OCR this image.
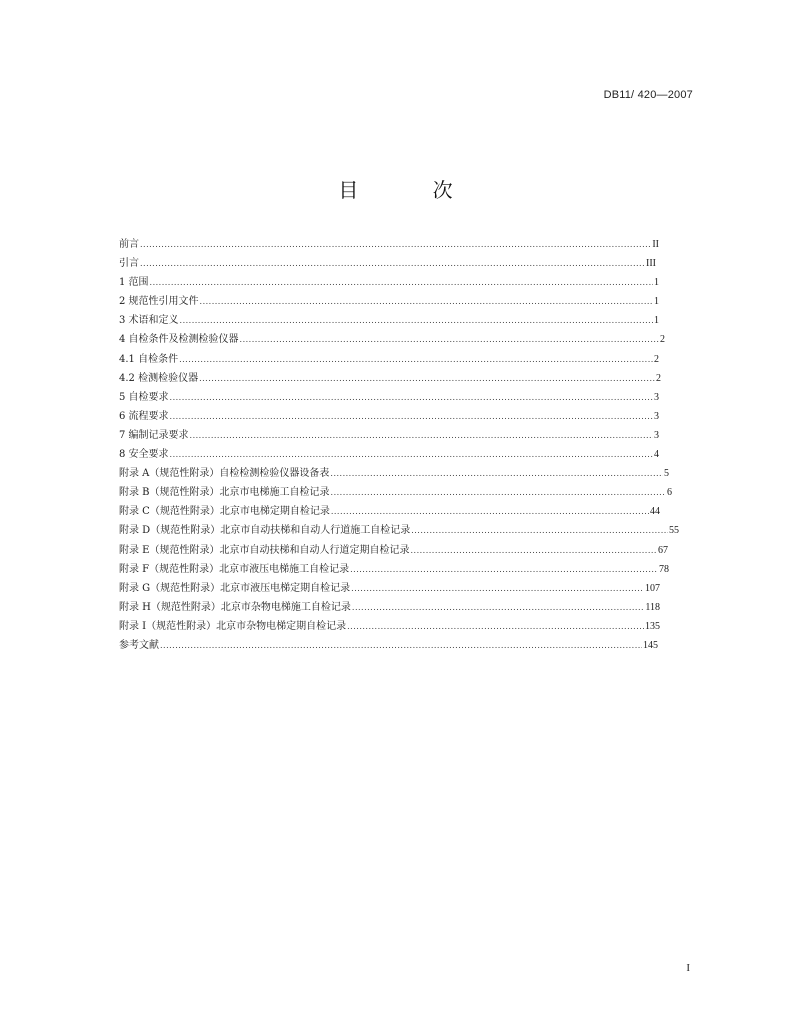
DB11/ 420—2007
目 次
前言 .....	II
引言 .....	III
1 范围 .....	1
2 规范性引用文件 .....	1
3 术语和定义 .....	1
4 自检条件及检测检验仪器 .....	2
4.1 自检条件 .....	2
4.2 检测检验仪器 .....	2
5 自检要求 .....	3
6 流程要求 .....	3
7 编制记录要求 .....	3
8 安全要求 .....	4
附录 A（规范性附录）自检检测检验仪器设备表 .....	5
附录 B（规范性附录）北京市电梯施工自检记录 .....	6
附录 C（规范性附录）北京市电梯定期自检记录 .....	44
附录 D（规范性附录）北京市自动扶梯和自动人行道施工自检记录 .....	55
附录 E（规范性附录）北京市自动扶梯和自动人行道定期自检记录 .....	67
附录 F（规范性附录）北京市液压电梯施工自检记录 .....	78
附录 G（规范性附录）北京市液压电梯定期自检记录 .....	107
附录 H（规范性附录）北京市杂物电梯施工自检记录 .....	118
附录 I（规范性附录）北京市杂物电梯定期自检记录 .....	135
参考文献 .....	145
I
